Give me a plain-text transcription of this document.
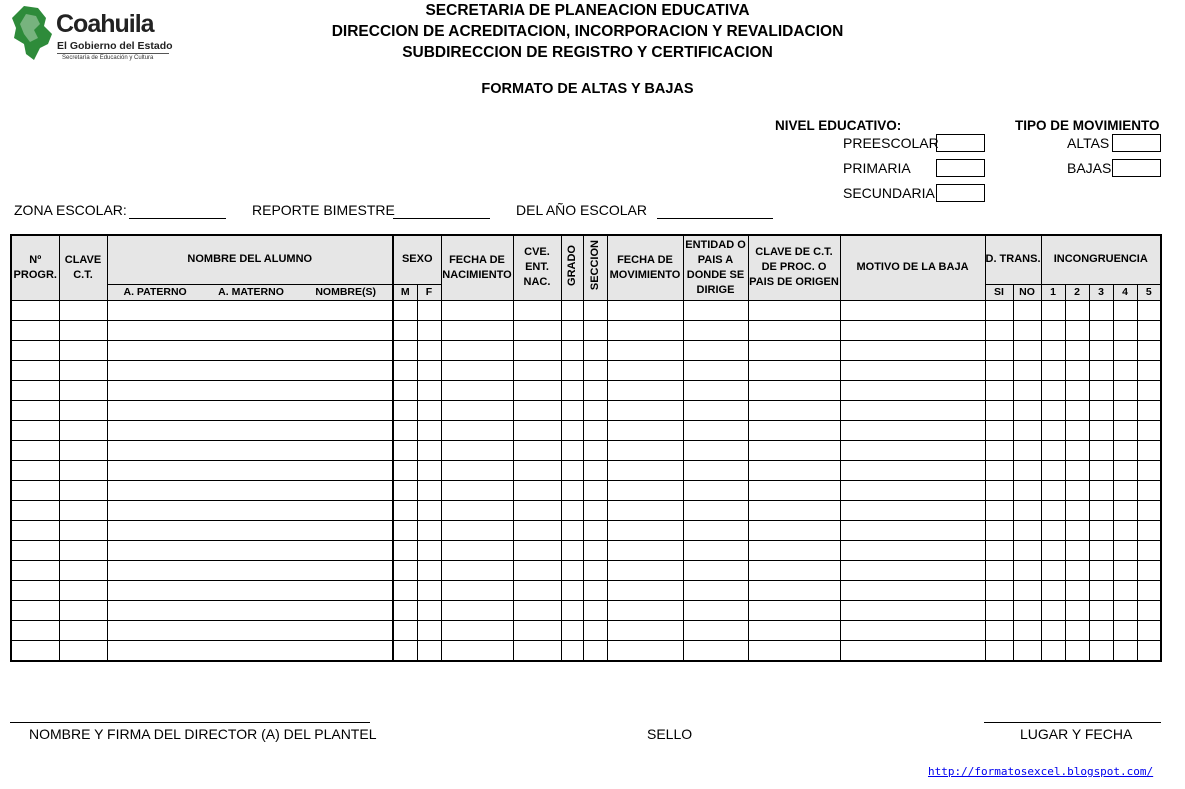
Coahuila
El Gobierno del Estado
Secretaría de Educación y Cultura
SECRETARIA DE PLANEACION EDUCATIVA
DIRECCION DE ACREDITACION, INCORPORACION Y REVALIDACION
SUBDIRECCION DE REGISTRO Y CERTIFICACION
FORMATO DE ALTAS Y BAJAS
NIVEL EDUCATIVO:
PREESCOLAR
PRIMARIA
SECUNDARIA
TIPO DE MOVIMIENTO
ALTAS
BAJAS
ZONA ESCOLAR:	REPORTE BIMESTRE	DEL AÑO ESCOLAR
Nº PROGR.	CLAVE C.T.	NOMBRE DEL ALUMNO	SEXO		FECHA DE NACIMIENTO	CVE. ENT. NAC.	GRADO	SECCION	FECHA DE MOVIMIENTO	ENTIDAD O PAIS A DONDE SE DIRIGE	CLAVE DE C.T. DE PROC. O PAIS DE ORIGEN	MOTIVO DE LA BAJA	D. TRANS.		INCONGRUENCIA				

		A. PATERNO A. MATERNO NOMBRE(S)	M	F									SI	NO	1	2	3	4	5

NOMBRE Y FIRMA DEL DIRECTOR (A) DEL PLANTEL	SELLO	LUGAR Y FECHA
http://formatosexcel.blogspot.com/
